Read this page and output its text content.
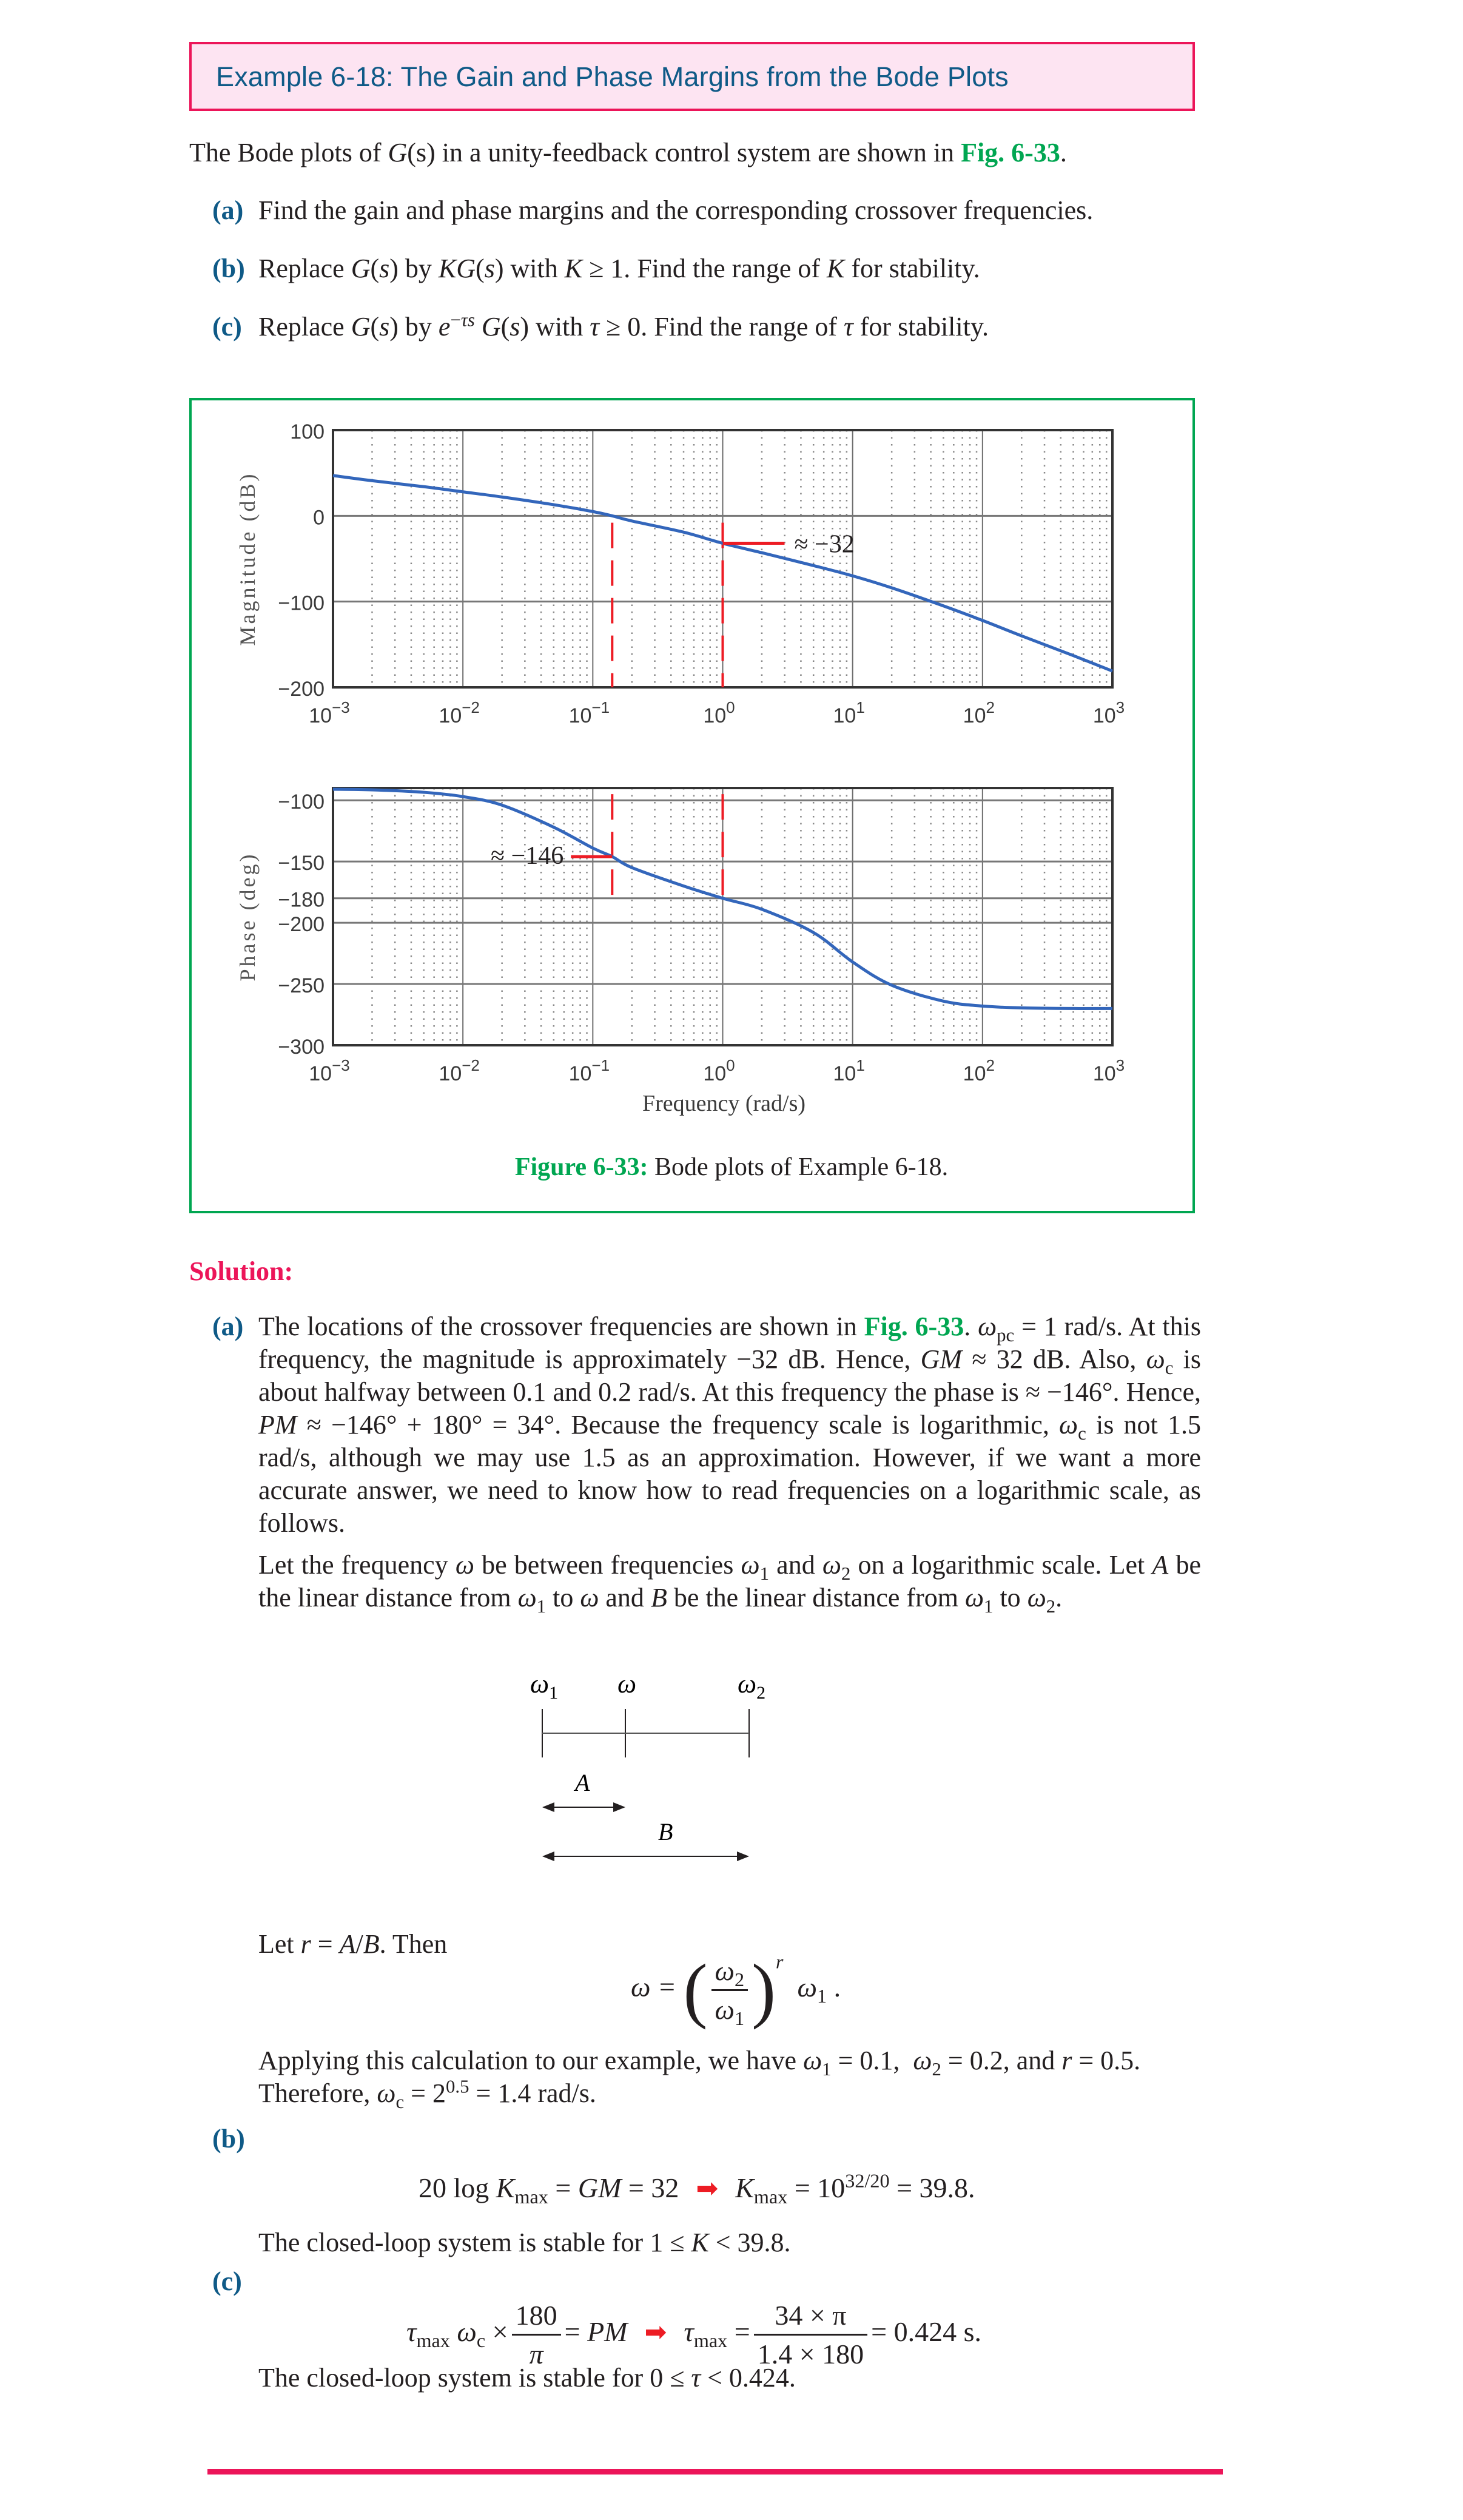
Example 6-18: The Gain and Phase Margins from the Bode Plots
The Bode plots of G(s) in a unity-feedback control system are shown in Fig. 6-33.
(a) Find the gain and phase margins and the corresponding crossover frequencies.
(b) Replace G(s) by KG(s) with K ≥ 1. Find the range of K for stability.
(c) Replace G(s) by $e^{-\tau s}$ G(s) with τ ≥ 0. Find the range of τ for stability.
100
0
−100
−200
$10^{-3}$	$10^{-2}$	$10^{-1}$	$10^0$	$10^1$	$10^2$	$10^3$
Magnitude (dB)	≈ −32
−100
−150
−180
−200
−250
−300
$10^{-3}$	$10^{-2}$	$10^{-1}$	$10^0$	$10^1$	$10^2$	$10^3$
Phase (deg)
Frequency (rad/s)
≈ −146
Figure 6-33: Bode plots of Example 6-18.
Solution:
(a) The locations of the crossover frequencies are shown in Fig. 6-33. $\omega_{pc} = 1$ rad/s. At this frequency, the magnitude is approximately −32 dB. Hence, GM ≈ 32 dB. Also, $\omega_c$ is about halfway between 0.1 and 0.2 rad/s. At this frequency the phase is ≈ −146°. Hence, PM ≈ −146° + 180° = 34°. Because the frequency scale is logarithmic, $\omega_c$ is not 1.5 rad/s, although we may use 1.5 as an approximation. However, if we want a more accurate answer, we need to know how to read frequencies on a logarithmic scale, as follows.
Let the frequency ω be between frequencies $\omega_1$ and $\omega_2$ on a logarithmic scale. Let A be the linear distance from $\omega_1$ to ω and B be the linear distance from $\omega_1$ to $\omega_2$.
$\omega_1$ ω	$\omega_2$
A
B
Let r = A/B. Then
ω = ( $\frac{\omega_2}{\omega_1} )^r$  $\omega_1$ .
Applying this calculation to our example, we have $\omega_1 = 0.1$,  $\omega_2 = 0.2$, and r = 0.5.
Therefore, $\omega_c = 2^{0.5} = 1.4$ rad/s.
(b)
20 $\log K_{max}$ = GM = 32 ➡ $K_{max} = 10^{32/20} = 39.8$.
The closed-loop system is stable for 1 ≤ K < 39.8.
(c)
$\tau_{max}$ $\omega_c \times \frac{180}{\pi}$ = PM ➡ $\tau_{max} = \frac{34 \times \pi}{1.4 \times 180} = 0.424$ s.
The closed-loop system is stable for 0 ≤ τ < 0.424.
